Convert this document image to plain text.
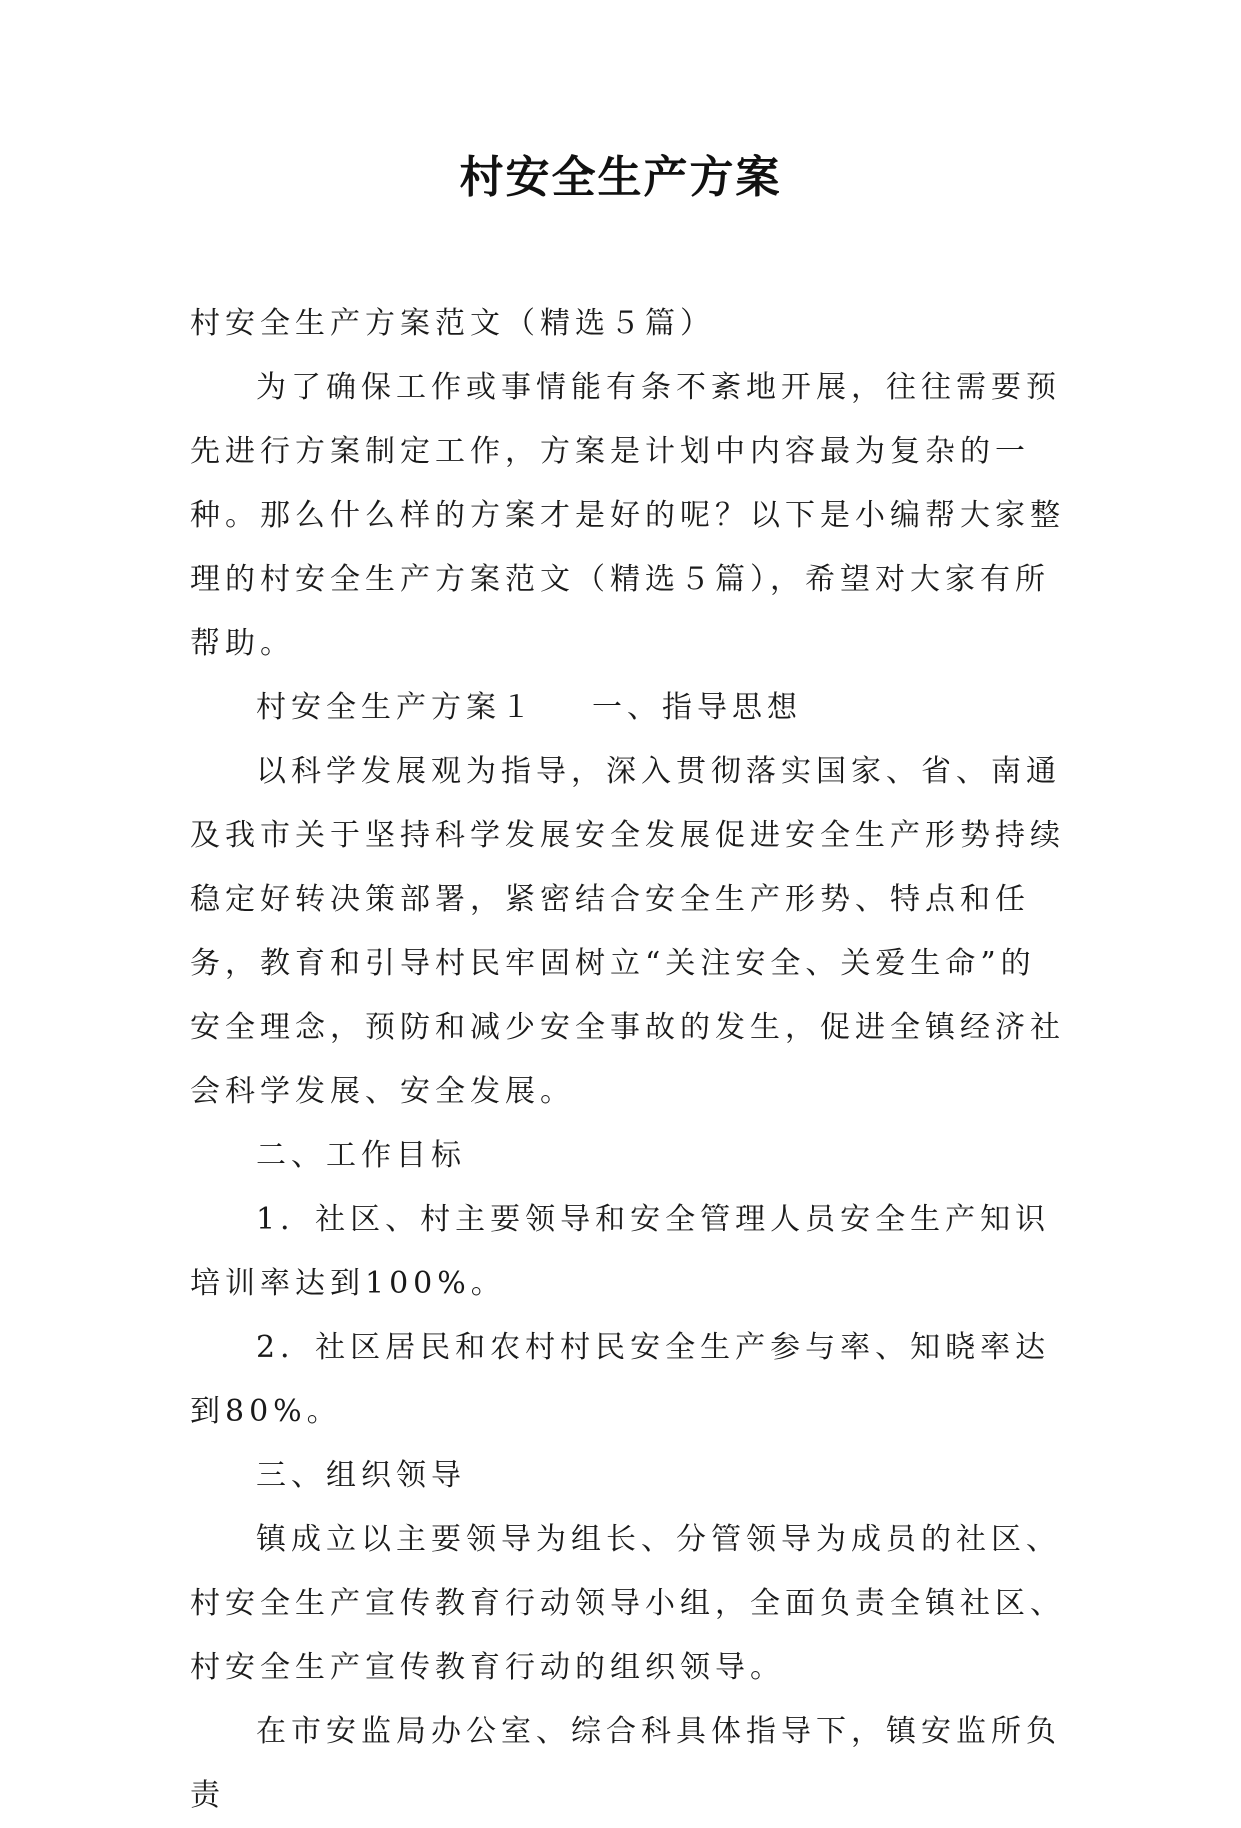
村安全生产方案

村安全生产方案范文（精选５篇）

为了确保工作或事情能有条不紊地开展，往往需要预先进行方案制定工作，方案是计划中内容最为复杂的一种。那么什么样的方案才是好的呢？以下是小编帮大家整理的村安全生产方案范文（精选５篇），希望对大家有所帮助。

村安全生产方案１ 一、指导思想

以科学发展观为指导，深入贯彻落实国家、省、南通及我市关于坚持科学发展安全发展促进安全生产形势持续稳定好转决策部署，紧密结合安全生产形势、特点和任务，教育和引导村民牢固树立“关注安全、关爱生命”的安全理念，预防和减少安全事故的发生，促进全镇经济社会科学发展、安全发展。

二、工作目标

1．社区、村主要领导和安全管理人员安全生产知识培训率达到100%。

2．社区居民和农村村民安全生产参与率、知晓率达到80%。

三、组织领导

镇成立以主要领导为组长、分管领导为成员的社区、村安全生产宣传教育行动领导小组，全面负责全镇社区、村安全生产宣传教育行动的组织领导。

在市安监局办公室、综合科具体指导下，镇安监所负责
